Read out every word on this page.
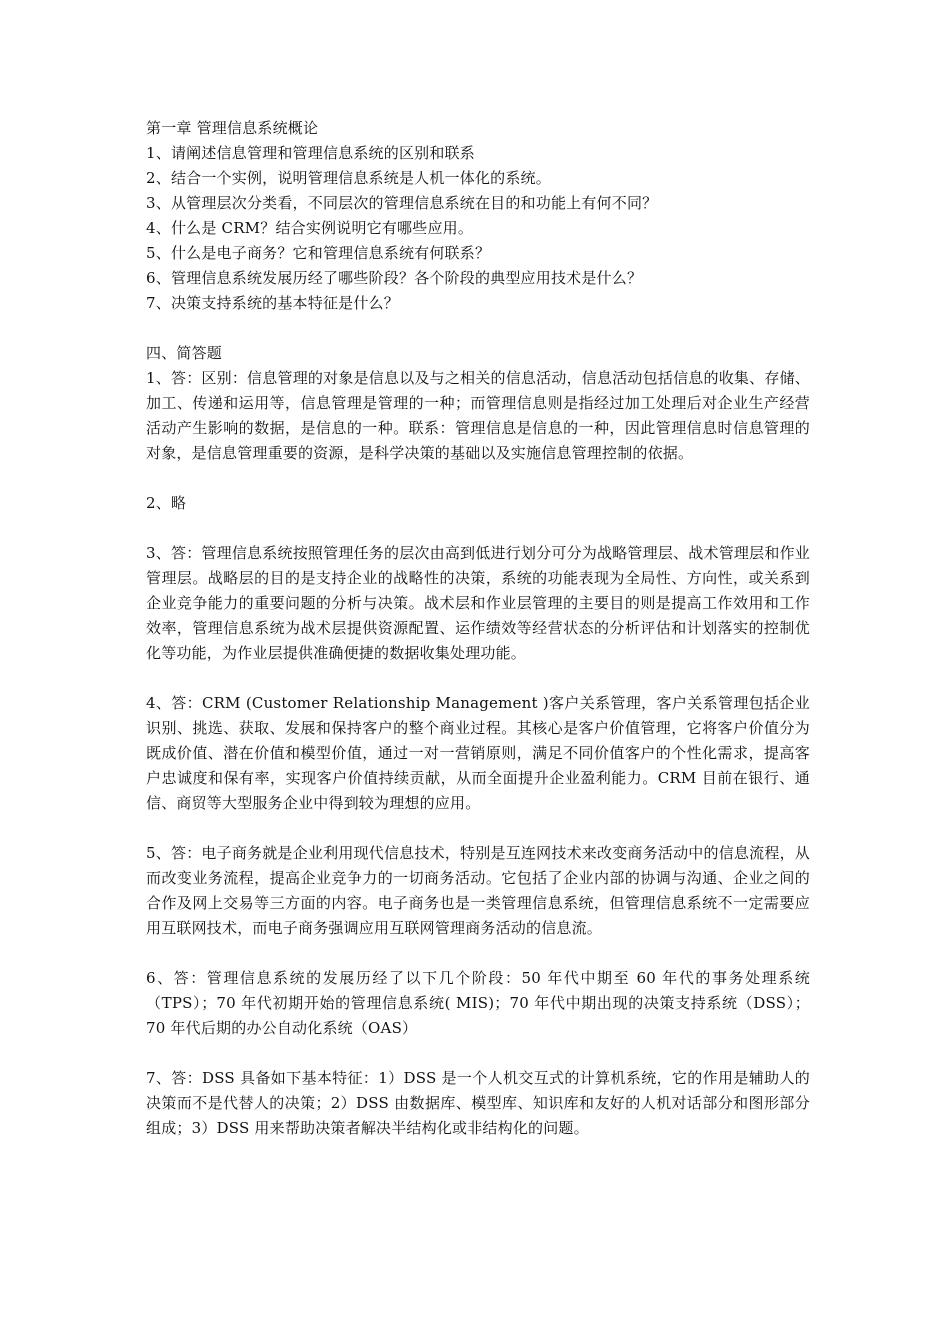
第一章 管理信息系统概论
1、请阐述信息管理和管理信息系统的区别和联系
2、结合一个实例，说明管理信息系统是人机一体化的系统。
3、从管理层次分类看，不同层次的管理信息系统在目的和功能上有何不同？
4、什么是 CRM？结合实例说明它有哪些应用。
5、什么是电子商务？它和管理信息系统有何联系？
6、管理信息系统发展历经了哪些阶段？各个阶段的典型应用技术是什么？
7、决策支持系统的基本特征是什么？
四、简答题
1、答：区别：信息管理的对象是信息以及与之相关的信息活动，信息活动包括信息的收集、存储、加工、传递和运用等，信息管理是管理的一种；而管理信息则是指经过加工处理后对企业生产经营活动产生影响的数据，是信息的一种。联系：管理信息是信息的一种，因此管理信息时信息管理的对象，是信息管理重要的资源，是科学决策的基础以及实施信息管理控制的依据。
2、略
3、答：管理信息系统按照管理任务的层次由高到低进行划分可分为战略管理层、战术管理层和作业管理层。战略层的目的是支持企业的战略性的决策，系统的功能表现为全局性、方向性，或关系到企业竞争能力的重要问题的分析与决策。战术层和作业层管理的主要目的则是提高工作效用和工作效率，管理信息系统为战术层提供资源配置、运作绩效等经营状态的分析评估和计划落实的控制优化等功能，为作业层提供准确便捷的数据收集处理功能。
4、答：CRM (Customer Relationship Management )客户关系管理，客户关系管理包括企业识别、挑选、获取、发展和保持客户的整个商业过程。其核心是客户价值管理，它将客户价值分为既成价值、潜在价值和模型价值，通过一对一营销原则，满足不同价值客户的个性化需求，提高客户忠诚度和保有率，实现客户价值持续贡献，从而全面提升企业盈利能力。CRM 目前在银行、通信、商贸等大型服务企业中得到较为理想的应用。
5、答：电子商务就是企业利用现代信息技术，特别是互连网技术来改变商务活动中的信息流程，从而改变业务流程，提高企业竞争力的一切商务活动。它包括了企业内部的协调与沟通、企业之间的合作及网上交易等三方面的内容。电子商务也是一类管理信息系统，但管理信息系统不一定需要应用互联网技术，而电子商务强调应用互联网管理商务活动的信息流。
6、答：管理信息系统的发展历经了以下几个阶段：50 年代中期至 60 年代的事务处理系统（TPS）；70 年代初期开始的管理信息系统( MIS)；70 年代中期出现的决策支持系统（DSS）；70 年代后期的办公自动化系统（OAS）
7、答：DSS 具备如下基本特征：1）DSS 是一个人机交互式的计算机系统，它的作用是辅助人的决策而不是代替人的决策；2）DSS 由数据库、模型库、知识库和友好的人机对话部分和图形部分组成；3）DSS 用来帮助决策者解决半结构化或非结构化的问题。
